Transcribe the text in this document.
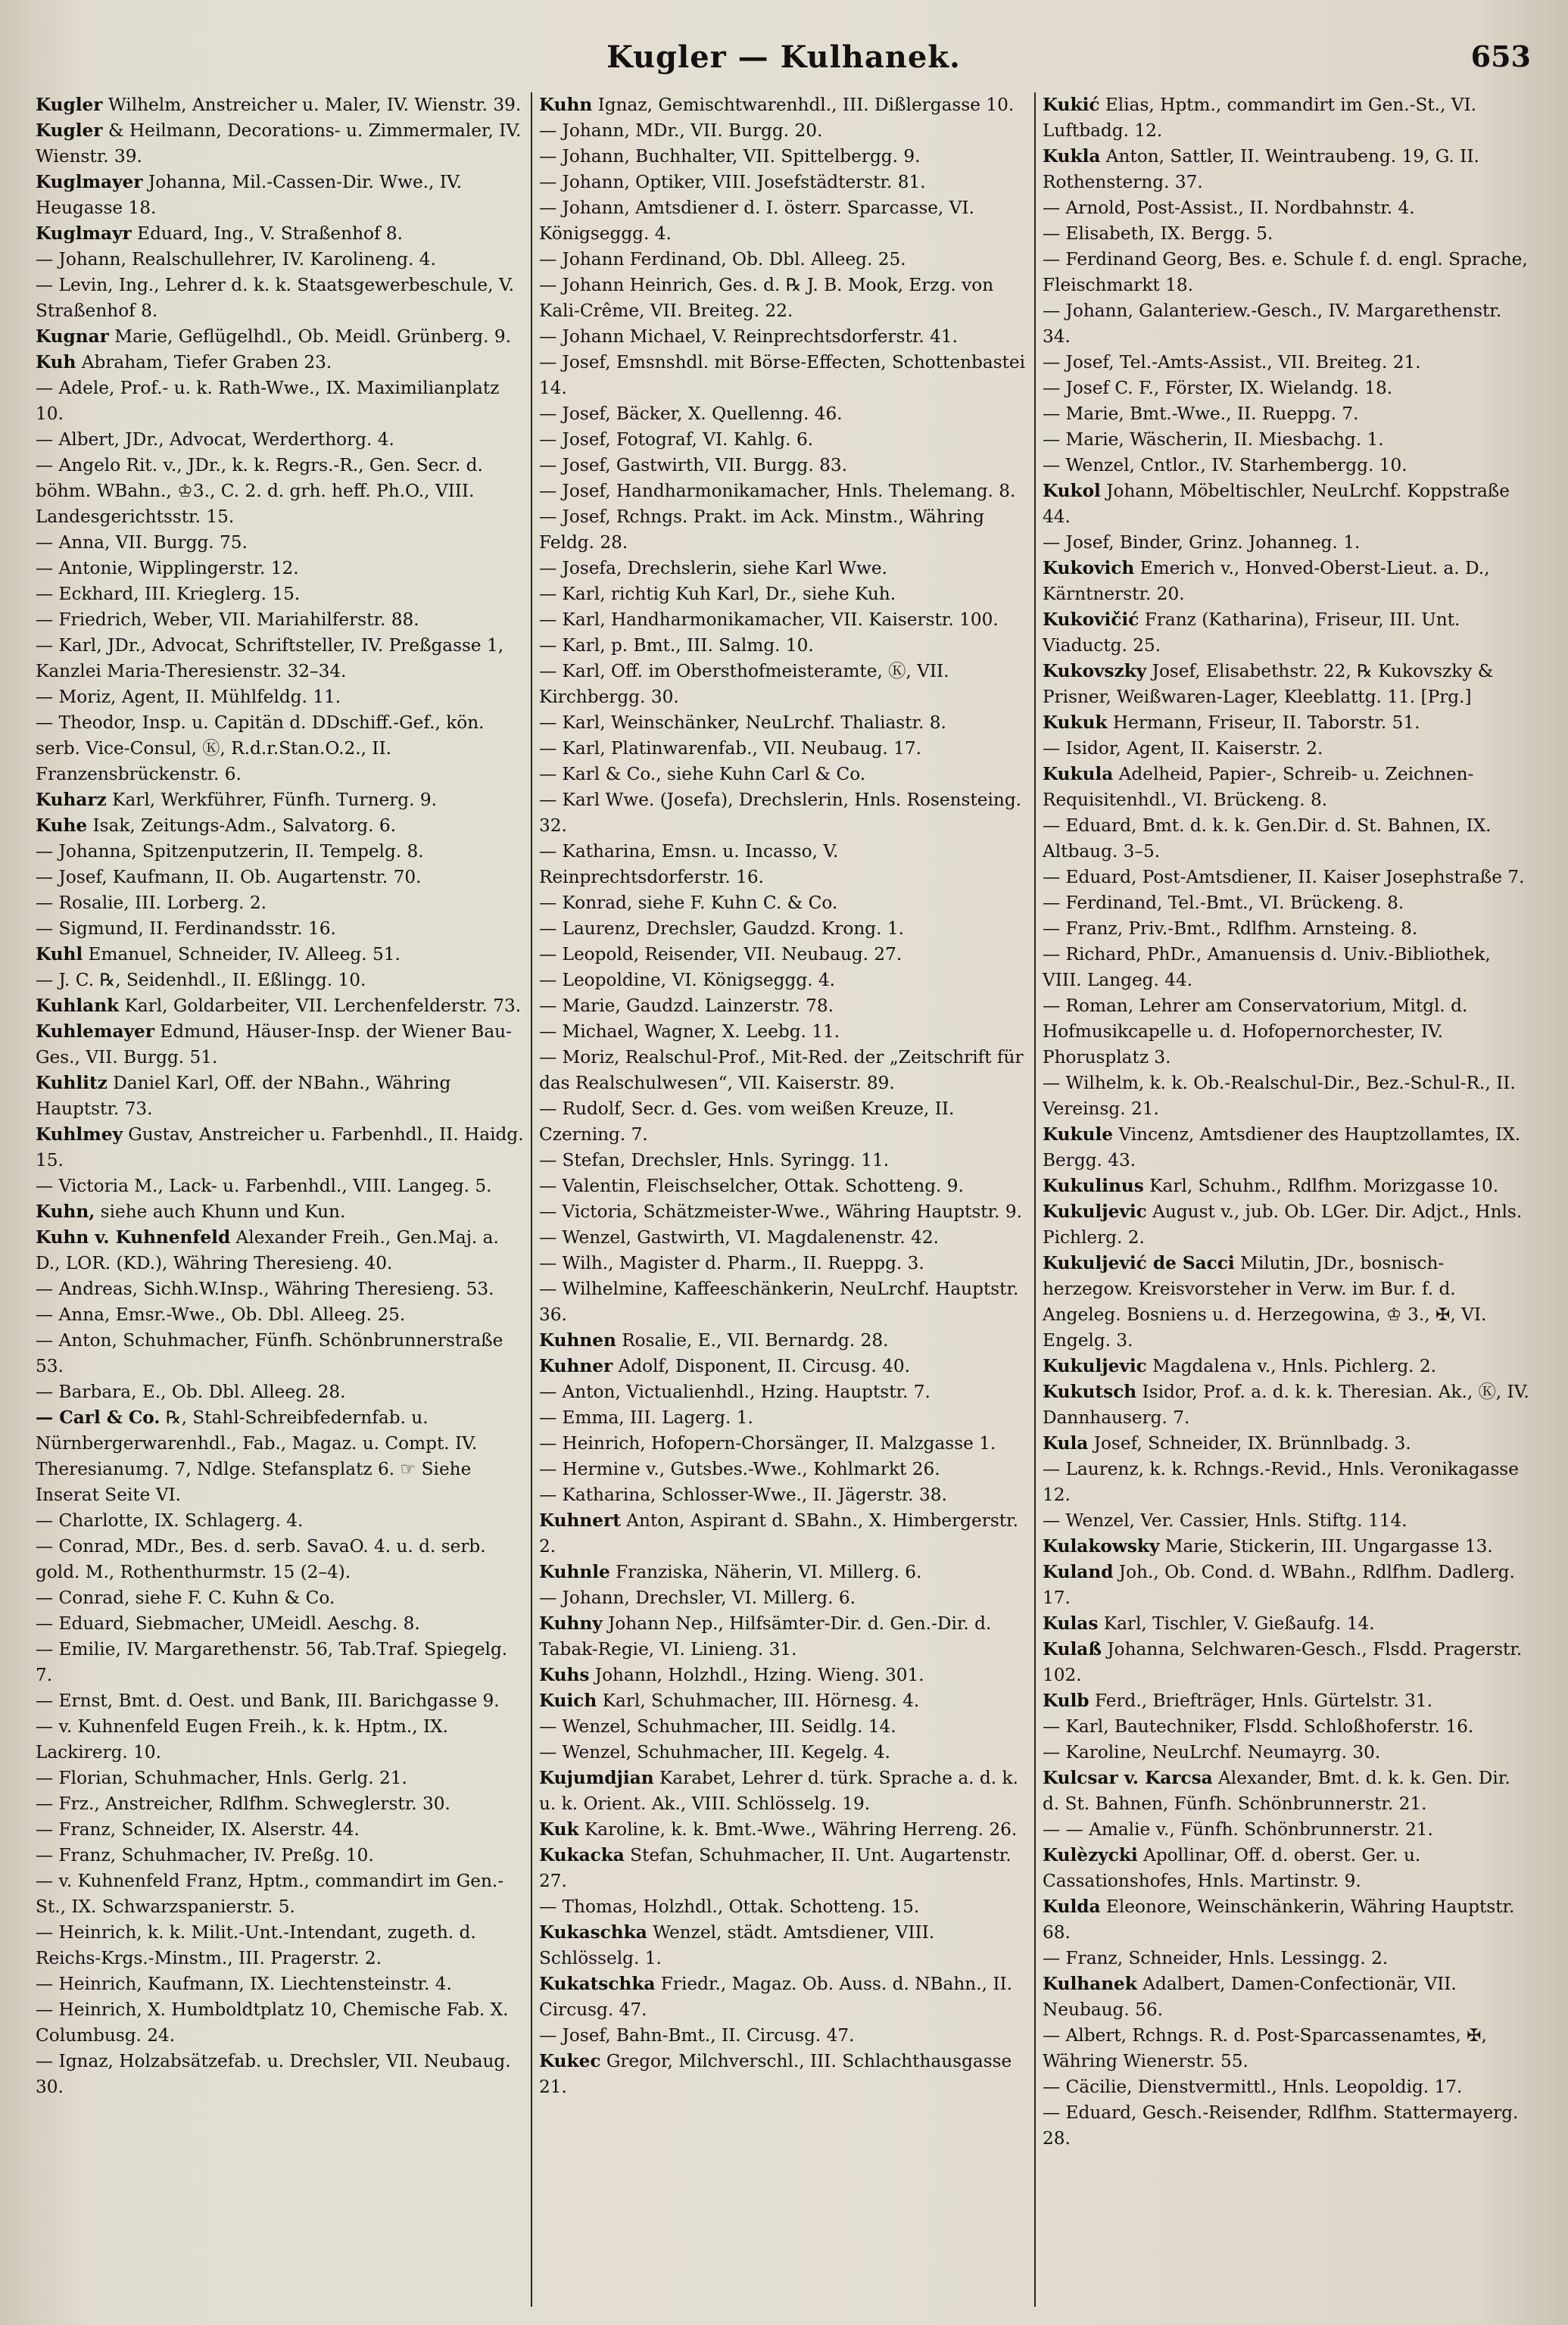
Kugler — Kulhanek.	653

Kugler Wilhelm, Anstreicher u. Maler, IV. Wienstr. 39.

Kugler & Heilmann, Decorations- u. Zimmermaler, IV. Wienstr. 39.

Kuglmayer Johanna, Mil.-Cassen-Dir. Wwe., IV. Heugasse 18.

Kuglmayr Eduard, Ing., V. Straßenhof 8.

— Johann, Realschullehrer, IV. Karolineng. 4.

— Levin, Ing., Lehrer d. k. k. Staatsgewerbeschule, V. Straßenhof 8.

Kugnar Marie, Geflügelhdl., Ob. Meidl. Grünberg. 9.

Kuh Abraham, Tiefer Graben 23.

— Adele, Prof.- u. k. Rath-Wwe., IX. Maximilianplatz 10.

— Albert, JDr., Advocat, Werderthorg. 4.

— Angelo Rit. v., JDr., k. k. Regrs.-R., Gen. Secr. d. böhm. WBahn., ♔3., C. 2. d. grh. heff. Ph.O., VIII. Landesgerichtsstr. 15.

— Anna, VII. Burgg. 75.

— Antonie, Wipplingerstr. 12.

— Eckhard, III. Krieglerg. 15.

— Friedrich, Weber, VII. Mariahilferstr. 88.

— Karl, JDr., Advocat, Schriftsteller, IV. Preßgasse 1, Kanzlei Maria-Theresienstr. 32–34.

— Moriz, Agent, II. Mühlfeldg. 11.

— Theodor, Insp. u. Capitän d. DDschiff.-Gef., kön. serb. Vice-Consul, Ⓚ, R.d.r.Stan.O.2., II. Franzensbrückenstr. 6.

Kuharz Karl, Werkführer, Fünfh. Turnerg. 9.

Kuhe Isak, Zeitungs-Adm., Salvatorg. 6.

— Johanna, Spitzenputzerin, II. Tempelg. 8.

— Josef, Kaufmann, II. Ob. Augartenstr. 70.

— Rosalie, III. Lorberg. 2.

— Sigmund, II. Ferdinandsstr. 16.

Kuhl Emanuel, Schneider, IV. Alleeg. 51.

— J. C. ℞, Seidenhdl., II. Eßlingg. 10.

Kuhlank Karl, Goldarbeiter, VII. Lerchenfelderstr. 73.

Kuhlemayer Edmund, Häuser-Insp. der Wiener Bau-Ges., VII. Burgg. 51.

Kuhlitz Daniel Karl, Off. der NBahn., Währing Hauptstr. 73.

Kuhlmey Gustav, Anstreicher u. Farbenhdl., II. Haidg. 15.

— Victoria M., Lack- u. Farbenhdl., VIII. Langeg. 5.

Kuhn, siehe auch Khunn und Kun.

Kuhn v. Kuhnenfeld Alexander Freih., Gen.Maj. a. D., LOR. (KD.), Währing Theresieng. 40.

— Andreas, Sichh.W.Insp., Währing Theresieng. 53.

— Anna, Emsr.-Wwe., Ob. Dbl. Alleeg. 25.

— Anton, Schuhmacher, Fünfh. Schönbrunnerstraße 53.

— Barbara, E., Ob. Dbl. Alleeg. 28.

— Carl & Co. ℞, Stahl-Schreibfedernfab. u. Nürnbergerwarenhdl., Fab., Magaz. u. Compt. IV. Theresianumg. 7, Ndlge. Stefansplatz 6. ☞ Siehe Inserat Seite VI.

— Charlotte, IX. Schlagerg. 4.

— Conrad, MDr., Bes. d. serb. SavaO. 4. u. d. serb. gold. M., Rothenthurmstr. 15 (2–4).

— Conrad, siehe F. C. Kuhn & Co.

— Eduard, Siebmacher, UMeidl. Aeschg. 8.

— Emilie, IV. Margarethenstr. 56, Tab.Traf. Spiegelg. 7.

— Ernst, Bmt. d. Oest. und Bank, III. Barichgasse 9.

— v. Kuhnenfeld Eugen Freih., k. k. Hptm., IX. Lackirerg. 10.

— Florian, Schuhmacher, Hnls. Gerlg. 21.

— Frz., Anstreicher, Rdlfhm. Schweglerstr. 30.

— Franz, Schneider, IX. Alserstr. 44.

— Franz, Schuhmacher, IV. Preßg. 10.

— v. Kuhnenfeld Franz, Hptm., commandirt im Gen.-St., IX. Schwarzspanierstr. 5.

— Heinrich, k. k. Milit.-Unt.-Intendant, zugeth. d. Reichs-Krgs.-Minstm., III. Pragerstr. 2.

— Heinrich, Kaufmann, IX. Liechtensteinstr. 4.

— Heinrich, X. Humboldtplatz 10, Chemische Fab. X. Columbusg. 24.

— Ignaz, Holzabsätzefab. u. Drechsler, VII. Neubaug. 30.

Kuhn Ignaz, Gemischtwarenhdl., III. Dißlergasse 10.

— Johann, MDr., VII. Burgg. 20.

— Johann, Buchhalter, VII. Spittelbergg. 9.

— Johann, Optiker, VIII. Josefstädterstr. 81.

— Johann, Amtsdiener d. I. österr. Sparcasse, VI. Königseggg. 4.

— Johann Ferdinand, Ob. Dbl. Alleeg. 25.

— Johann Heinrich, Ges. d. ℞ J. B. Mook, Erzg. von Kali-Crême, VII. Breiteg. 22.

— Johann Michael, V. Reinprechtsdorferstr. 41.

— Josef, Emsnshdl. mit Börse-Effecten, Schottenbastei 14.

— Josef, Bäcker, X. Quellenng. 46.

— Josef, Fotograf, VI. Kahlg. 6.

— Josef, Gastwirth, VII. Burgg. 83.

— Josef, Handharmonikamacher, Hnls. Thelemang. 8.

— Josef, Rchngs. Prakt. im Ack. Minstm., Währing Feldg. 28.

— Josefa, Drechslerin, siehe Karl Wwe.

— Karl, richtig Kuh Karl, Dr., siehe Kuh.

— Karl, Handharmonikamacher, VII. Kaiserstr. 100.

— Karl, p. Bmt., III. Salmg. 10.

— Karl, Off. im Obersthofmeisteramte, Ⓚ, VII. Kirchbergg. 30.

— Karl, Weinschänker, NeuLrchf. Thaliastr. 8.

— Karl, Platinwarenfab., VII. Neubaug. 17.

— Karl & Co., siehe Kuhn Carl & Co.

— Karl Wwe. (Josefa), Drechslerin, Hnls. Rosensteing. 32.

— Katharina, Emsn. u. Incasso, V. Reinprechtsdorferstr. 16.

— Konrad, siehe F. Kuhn C. & Co.

— Laurenz, Drechsler, Gaudzd. Krong. 1.

— Leopold, Reisender, VII. Neubaug. 27.

— Leopoldine, VI. Königseggg. 4.

— Marie, Gaudzd. Lainzerstr. 78.

— Michael, Wagner, X. Leebg. 11.

— Moriz, Realschul-Prof., Mit-Red. der „Zeitschrift für das Realschulwesen“, VII. Kaiserstr. 89.

— Rudolf, Secr. d. Ges. vom weißen Kreuze, II. Czerning. 7.

— Stefan, Drechsler, Hnls. Syringg. 11.

— Valentin, Fleischselcher, Ottak. Schotteng. 9.

— Victoria, Schätzmeister-Wwe., Währing Hauptstr. 9.

— Wenzel, Gastwirth, VI. Magdalenenstr. 42.

— Wilh., Magister d. Pharm., II. Rueppg. 3.

— Wilhelmine, Kaffeeschänkerin, NeuLrchf. Hauptstr. 36.

Kuhnen Rosalie, E., VII. Bernardg. 28.

Kuhner Adolf, Disponent, II. Circusg. 40.

— Anton, Victualienhdl., Hzing. Hauptstr. 7.

— Emma, III. Lagerg. 1.

— Heinrich, Hofopern-Chorsänger, II. Malzgasse 1.

— Hermine v., Gutsbes.-Wwe., Kohlmarkt 26.

— Katharina, Schlosser-Wwe., II. Jägerstr. 38.

Kuhnert Anton, Aspirant d. SBahn., X. Himbergerstr. 2.

Kuhnle Franziska, Näherin, VI. Millerg. 6.

— Johann, Drechsler, VI. Millerg. 6.

Kuhny Johann Nep., Hilfsämter-Dir. d. Gen.-Dir. d. Tabak-Regie, VI. Linieng. 31.

Kuhs Johann, Holzhdl., Hzing. Wieng. 301.

Kuich Karl, Schuhmacher, III. Hörnesg. 4.

— Wenzel, Schuhmacher, III. Seidlg. 14.

— Wenzel, Schuhmacher, III. Kegelg. 4.

Kujumdjian Karabet, Lehrer d. türk. Sprache a. d. k. u. k. Orient. Ak., VIII. Schlösselg. 19.

Kuk Karoline, k. k. Bmt.-Wwe., Währing Herreng. 26.

Kukacka Stefan, Schuhmacher, II. Unt. Augartenstr. 27.

— Thomas, Holzhdl., Ottak. Schotteng. 15.

Kukaschka Wenzel, städt. Amtsdiener, VIII. Schlösselg. 1.

Kukatschka Friedr., Magaz. Ob. Auss. d. NBahn., II. Circusg. 47.

— Josef, Bahn-Bmt., II. Circusg. 47.

Kukec Gregor, Milchverschl., III. Schlachthausgasse 21.

Kukić Elias, Hptm., commandirt im Gen.-St., VI. Luftbadg. 12.

Kukla Anton, Sattler, II. Weintraubeng. 19, G. II. Rothensterng. 37.

— Arnold, Post-Assist., II. Nordbahnstr. 4.

— Elisabeth, IX. Bergg. 5.

— Ferdinand Georg, Bes. e. Schule f. d. engl. Sprache, Fleischmarkt 18.

— Johann, Galanteriew.-Gesch., IV. Margarethenstr. 34.

— Josef, Tel.-Amts-Assist., VII. Breiteg. 21.

— Josef C. F., Förster, IX. Wielandg. 18.

— Marie, Bmt.-Wwe., II. Rueppg. 7.

— Marie, Wäscherin, II. Miesbachg. 1.

— Wenzel, Cntlor., IV. Starhembergg. 10.

Kukol Johann, Möbeltischler, NeuLrchf. Koppstraße 44.

— Josef, Binder, Grinz. Johanneg. 1.

Kukovich Emerich v., Honved-Oberst-Lieut. a. D., Kärntnerstr. 20.

Kukovičić Franz (Katharina), Friseur, III. Unt. Viaductg. 25.

Kukovszky Josef, Elisabethstr. 22, ℞ Kukovszky & Prisner, Weißwaren-Lager, Kleeblattg. 11. [Prg.]

Kukuk Hermann, Friseur, II. Taborstr. 51.

— Isidor, Agent, II. Kaiserstr. 2.

Kukula Adelheid, Papier-, Schreib- u. Zeichnen-Requisitenhdl., VI. Brückeng. 8.

— Eduard, Bmt. d. k. k. Gen.Dir. d. St. Bahnen, IX. Altbaug. 3–5.

— Eduard, Post-Amtsdiener, II. Kaiser Josephstraße 7.

— Ferdinand, Tel.-Bmt., VI. Brückeng. 8.

— Franz, Priv.-Bmt., Rdlfhm. Arnsteing. 8.

— Richard, PhDr., Amanuensis d. Univ.-Bibliothek, VIII. Langeg. 44.

— Roman, Lehrer am Conservatorium, Mitgl. d. Hofmusikcapelle u. d. Hofopernorchester, IV. Phorusplatz 3.

— Wilhelm, k. k. Ob.-Realschul-Dir., Bez.-Schul-R., II. Vereinsg. 21.

Kukule Vincenz, Amtsdiener des Hauptzollamtes, IX. Bergg. 43.

Kukulinus Karl, Schuhm., Rdlfhm. Morizgasse 10.

Kukuljevic August v., jub. Ob. LGer. Dir. Adjct., Hnls. Pichlerg. 2.

Kukuljević de Sacci Milutin, JDr., bosnisch-herzegow. Kreisvorsteher in Verw. im Bur. f. d. Angeleg. Bosniens u. d. Herzegowina, ♔ 3., ✠, VI. Engelg. 3.

Kukuljevic Magdalena v., Hnls. Pichlerg. 2.

Kukutsch Isidor, Prof. a. d. k. k. Theresian. Ak., Ⓚ, IV. Dannhauserg. 7.

Kula Josef, Schneider, IX. Brünnlbadg. 3.

— Laurenz, k. k. Rchngs.-Revid., Hnls. Veronikagasse 12.

— Wenzel, Ver. Cassier, Hnls. Stiftg. 114.

Kulakowsky Marie, Stickerin, III. Ungargasse 13.

Kuland Joh., Ob. Cond. d. WBahn., Rdlfhm. Dadlerg. 17.

Kulas Karl, Tischler, V. Gießaufg. 14.

Kulaß Johanna, Selchwaren-Gesch., Flsdd. Pragerstr. 102.

Kulb Ferd., Briefträger, Hnls. Gürtelstr. 31.

— Karl, Bautechniker, Flsdd. Schloßhoferstr. 16.

— Karoline, NeuLrchf. Neumayrg. 30.

Kulcsar v. Karcsa Alexander, Bmt. d. k. k. Gen. Dir. d. St. Bahnen, Fünfh. Schönbrunnerstr. 21.

— — Amalie v., Fünfh. Schönbrunnerstr. 21.

Kulèzycki Apollinar, Off. d. oberst. Ger. u. Cassationshofes, Hnls. Martinstr. 9.

Kulda Eleonore, Weinschänkerin, Währing Hauptstr. 68.

— Franz, Schneider, Hnls. Lessingg. 2.

Kulhanek Adalbert, Damen-Confectionär, VII. Neubaug. 56.

— Albert, Rchngs. R. d. Post-Sparcassenamtes, ✠, Währing Wienerstr. 55.

— Cäcilie, Dienstvermittl., Hnls. Leopoldig. 17.

— Eduard, Gesch.-Reisender, Rdlfhm. Stattermayerg. 28.
